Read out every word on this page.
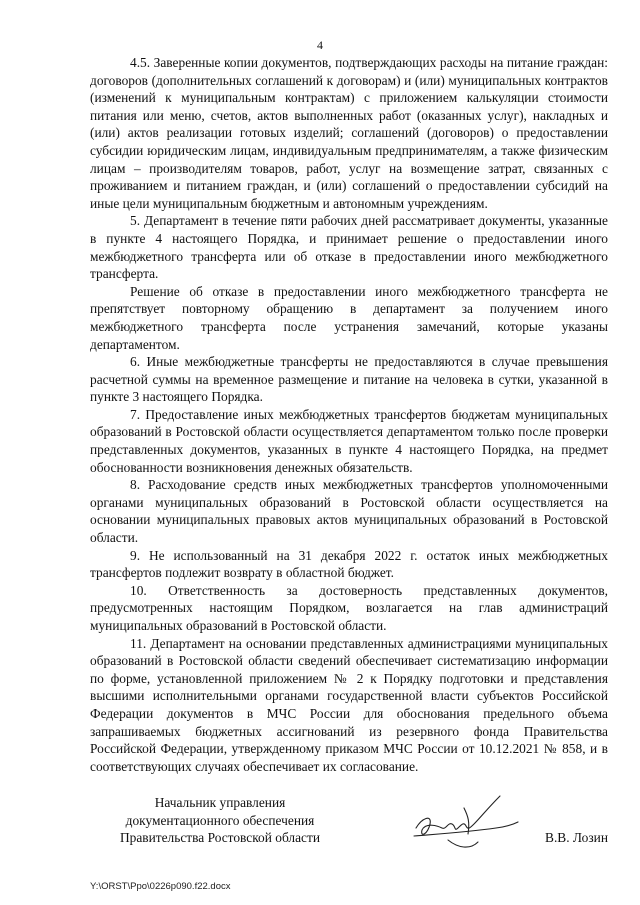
4

4.5. Заверенные копии документов, подтверждающих расходы на питание граждан: договоров (дополнительных соглашений к договорам) и (или) муниципальных контрактов (изменений к муниципальным контрактам) с приложением калькуляции стоимости питания или меню, счетов, актов выполненных работ (оказанных услуг), накладных и (или) актов реализации готовых изделий; соглашений (договоров) о предоставлении субсидии юридическим лицам, индивидуальным предпринимателям, а также физическим лицам – производителям товаров, работ, услуг на возмещение затрат, связанных с проживанием и питанием граждан, и (или) соглашений о предоставлении субсидий на иные цели муниципальным бюджетным и автономным учреждениям.

5. Департамент в течение пяти рабочих дней рассматривает документы, указанные в пункте 4 настоящего Порядка, и принимает решение о предоставлении иного межбюджетного трансферта или об отказе в предоставлении иного межбюджетного трансферта.

Решение об отказе в предоставлении иного межбюджетного трансферта не препятствует повторному обращению в департамент за получением иного межбюджетного трансферта после устранения замечаний, которые указаны департаментом.

6. Иные межбюджетные трансферты не предоставляются в случае превышения расчетной суммы на временное размещение и питание на человека в сутки, указанной в пункте 3 настоящего Порядка.

7. Предоставление иных межбюджетных трансфертов бюджетам муниципальных образований в Ростовской области осуществляется департаментом только после проверки представленных документов, указанных в пункте 4 настоящего Порядка, на предмет обоснованности возникновения денежных обязательств.

8. Расходование средств иных межбюджетных трансфертов уполномоченными органами муниципальных образований в Ростовской области осуществляется на основании муниципальных правовых актов муниципальных образований в Ростовской области.

9. Не использованный на 31 декабря 2022 г. остаток иных межбюджетных трансфертов подлежит возврату в областной бюджет.

10. Ответственность за достоверность представленных документов, предусмотренных настоящим Порядком, возлагается на глав администраций муниципальных образований в Ростовской области.

11. Департамент на основании представленных администрациями муниципальных образований в Ростовской области сведений обеспечивает систематизацию информации по форме, установленной приложением № 2 к Порядку подготовки и представления высшими исполнительными органами государственной власти субъектов Российской Федерации документов в МЧС России для обоснования предельного объема запрашиваемых бюджетных ассигнований из резервного фонда Правительства Российской Федерации, утвержденному приказом МЧС России от 10.12.2021 № 858, и в соответствующих случаях обеспечивает их согласование.

Начальник управления
документационного обеспечения
Правительства Ростовской области	В.В. Лозин
Y:\ORST\Ppo\0226p090.f22.docx
